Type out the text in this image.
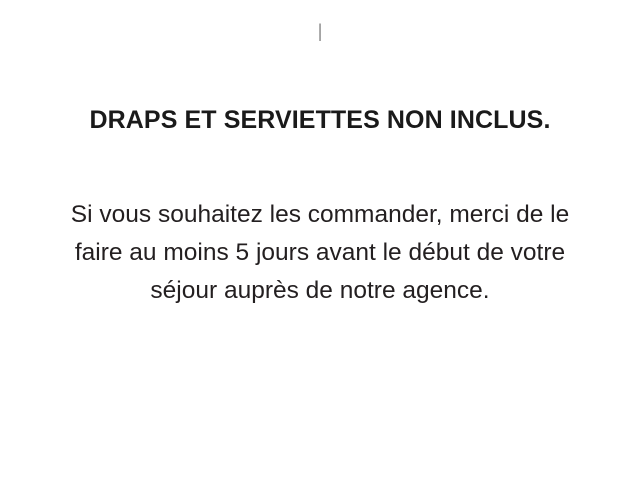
|
DRAPS ET SERVIETTES NON INCLUS.
Si vous souhaitez les commander, merci de le
faire au moins 5 jours avant le début de votre
séjour auprès de notre agence.
